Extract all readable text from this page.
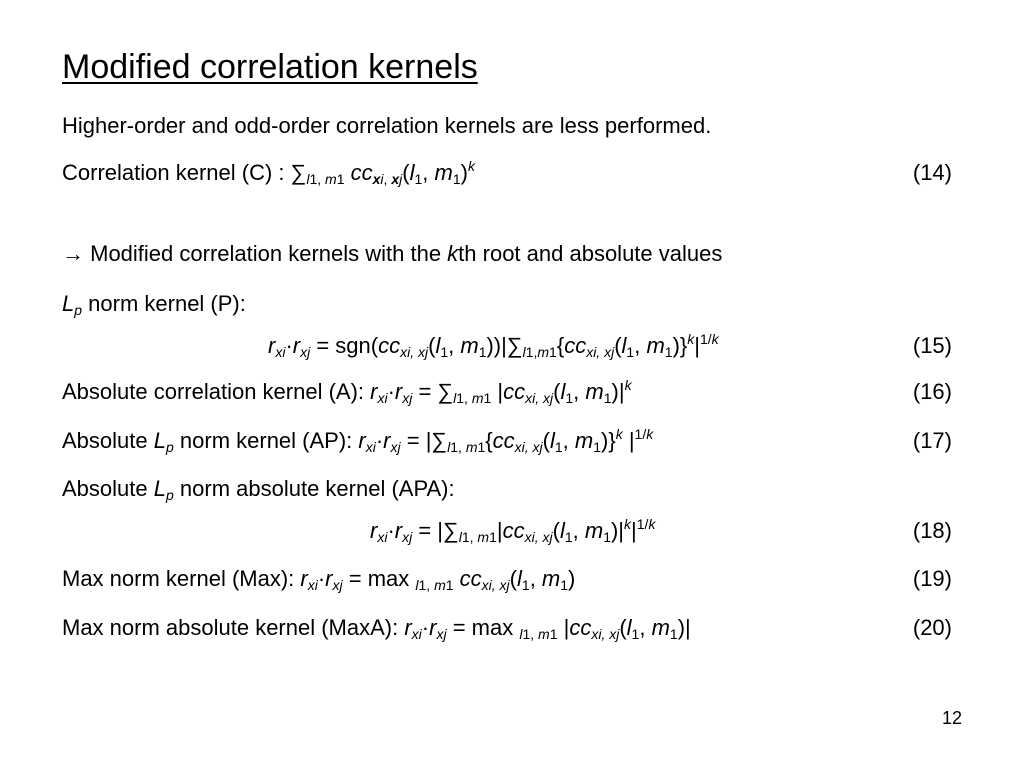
Modified correlation kernels
Higher-order and odd-order correlation kernels are less performed.
Correlation kernel (C) : $\sum_{l1, m1}$ $cc_{xi, xj}(l_1$, $m_1)^k$	(14)
→ Modified correlation kernels with the kth root and absolute values
$L_p$ norm kernel (P):
$r_{xi}\cdot r_{xj} = sgn(cc_{xi, xj}(l_1$, $m_1))|\sum_{l1,m1}\{cc_{xi, xj}(l_1$, $m_1)\}^k|^{1/k}$	(15)
Absolute correlation kernel (A): $r_{xi}\cdot r_{xj} = \sum_{l1, m1}$ $|cc_{xi, xj}(l_1$, $m_1)|^k$	(16)
Absolute $L_p$ norm kernel (AP): $r_{xi}\cdot r_{xj} = |\sum_{l1, m1}\{cc_{xi, xj}(l_1$, $m_1)\}^k$ $|^{1/k}$	(17)
Absolute $L_p$ norm absolute kernel (APA):
$r_{xi}\cdot r_{xj} = |\sum_{l1, m1}|cc_{xi, xj}(l_1$, $m_1)|^k|^{1/k}$	(18)
Max norm kernel (Max): $r_{xi}\cdot r_{xj} = \max _{l1, m1}$ $cc_{xi, xj}(l_1$, $m_1$)	(19)
Max norm absolute kernel (MaxA): $r_{xi}\cdot r_{xj} = \max _{l1, m1}$ $|cc_{xi, xj}(l_1$, $m_1)|$	(20)
12
